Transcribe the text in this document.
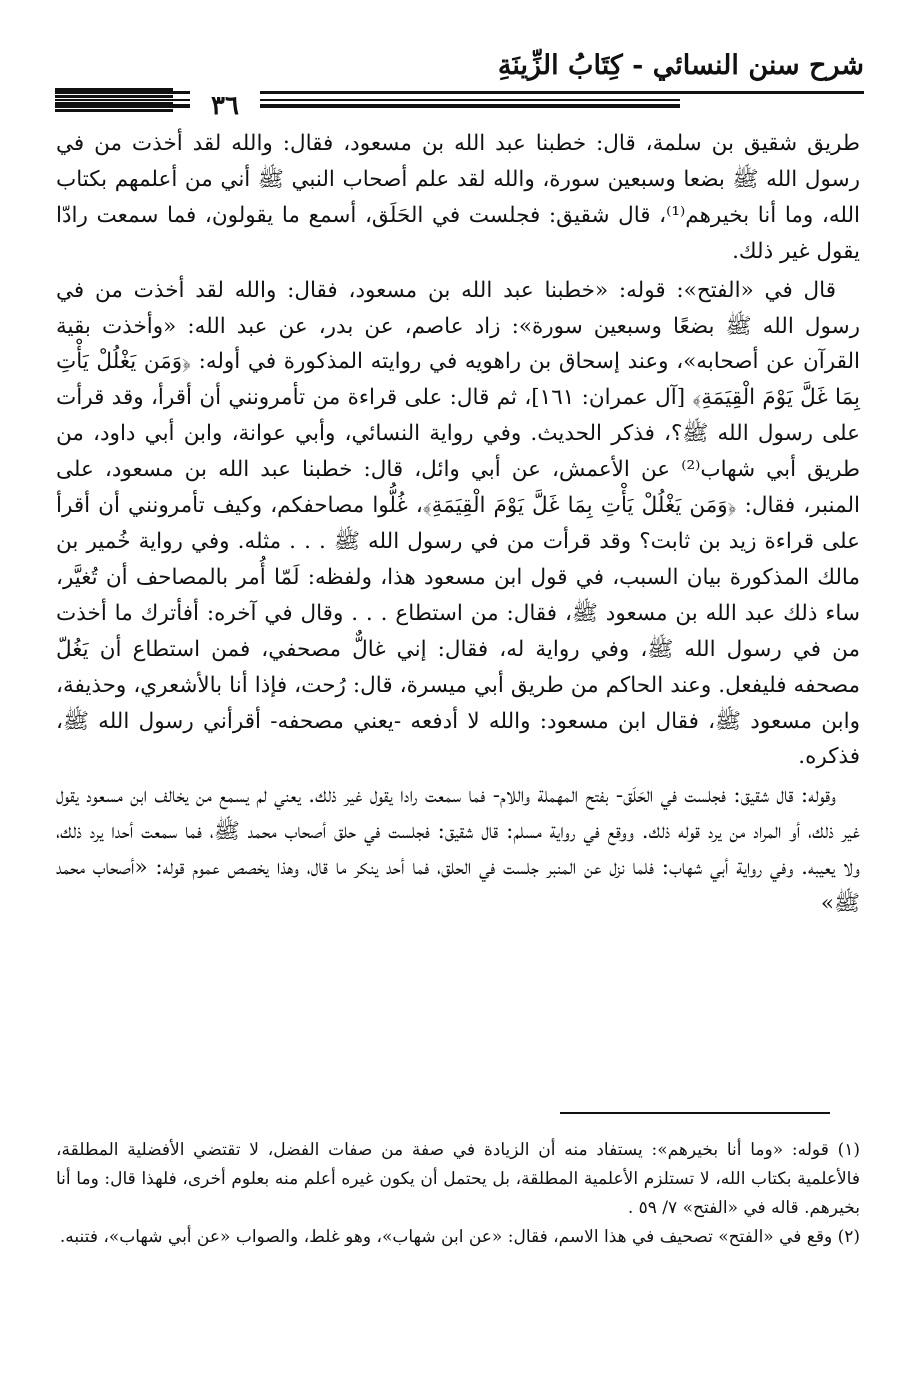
شرح سنن النسائي - كِتَابُ الزِّينَةِ
٣٦

طريق شقيق بن سلمة، قال: خطبنا عبد الله بن مسعود، فقال: والله لقد أخذت من في رسول الله ﷺ بضعا وسبعين سورة، والله لقد علم أصحاب النبي ﷺ أني من أعلمهم بكتاب الله، وما أنا بخيرهم⁽¹⁾، قال شقيق: فجلست في الحَلَق، أسمع ما يقولون، فما سمعت رادّا يقول غير ذلك.

قال في «الفتح»: قوله: «خطبنا عبد الله بن مسعود، فقال: والله لقد أخذت من في رسول الله ﷺ بضعًا وسبعين سورة»: زاد عاصم، عن بدر، عن عبد الله: «وأخذت بقية القرآن عن أصحابه»، وعند إسحاق بن راهويه في روايته المذكورة في أوله: ﴿وَمَن يَغْلُلْ يَأْتِ بِمَا غَلَّ يَوْمَ الْقِيَمَةِ﴾ [آل عمران: ١٦١]، ثم قال: على قراءة من تأمرونني أن أقرأ، وقد قرأت على رسول الله ﷺ؟، فذكر الحديث. وفي رواية النسائي، وأبي عوانة، وابن أبي داود، من طريق أبي شهاب⁽²⁾ عن الأعمش، عن أبي وائل، قال: خطبنا عبد الله بن مسعود، على المنبر، فقال: ﴿وَمَن يَغْلُلْ يَأْتِ بِمَا غَلَّ يَوْمَ الْقِيَمَةِ﴾، غُلُّوا مصاحفكم، وكيف تأمرونني أن أقرأ على قراءة زيد بن ثابت؟ وقد قرأت من في رسول الله ﷺ . . . مثله. وفي رواية خُمير بن مالك المذكورة بيان السبب، في قول ابن مسعود هذا، ولفظه: لَمّا أُمر بالمصاحف أن تُغيَّر، ساء ذلك عبد الله بن مسعود ﷺ، فقال: من استطاع . . . وقال في آخره: أفأترك ما أخذت من في رسول الله ﷺ، وفي رواية له، فقال: إني غالٌّ مصحفي، فمن استطاع أن يَغُلّ مصحفه فليفعل. وعند الحاكم من طريق أبي ميسرة، قال: رُحت، فإذا أنا بالأشعري، وحذيفة، وابن مسعود ﷺ، فقال ابن مسعود: والله لا أدفعه -يعني مصحفه- أقرأني رسول الله ﷺ، فذكره.

وقوله: قال شقيق: فجلست في الحَلَق- بفتح المهملة واللام- فما سمعت رادا يقول غير ذلك. يعني لم يسمع من يخالف ابن مسعود يقول غير ذلك، أو المراد من يرد قوله ذلك. ووقع في رواية مسلم: قال شقيق: فجلست في حلق أصحاب محمد ﷺ، فما سمعت أحدا يرد ذلك، ولا يعيبه. وفي رواية أبي شهاب: فلما نزل عن المنبر جلست في الحلق، فما أحد ينكر ما قال، وهذا يخصص عموم قوله: «أصحاب محمد ﷺ»

(١) قوله: «وما أنا بخيرهم»: يستفاد منه أن الزيادة في صفة من صفات الفضل، لا تقتضي الأفضلية المطلقة، فالأعلمية بكتاب الله، لا تستلزم الأعلمية المطلقة، بل يحتمل أن يكون غيره أعلم منه بعلوم أخرى، فلهذا قال: وما أنا بخيرهم. قاله في «الفتح» ٧/ ٥٩ .

(٢) وقع في «الفتح» تصحيف في هذا الاسم، فقال: «عن ابن شهاب»، وهو غلط، والصواب «عن أبي شهاب»، فتنبه.
